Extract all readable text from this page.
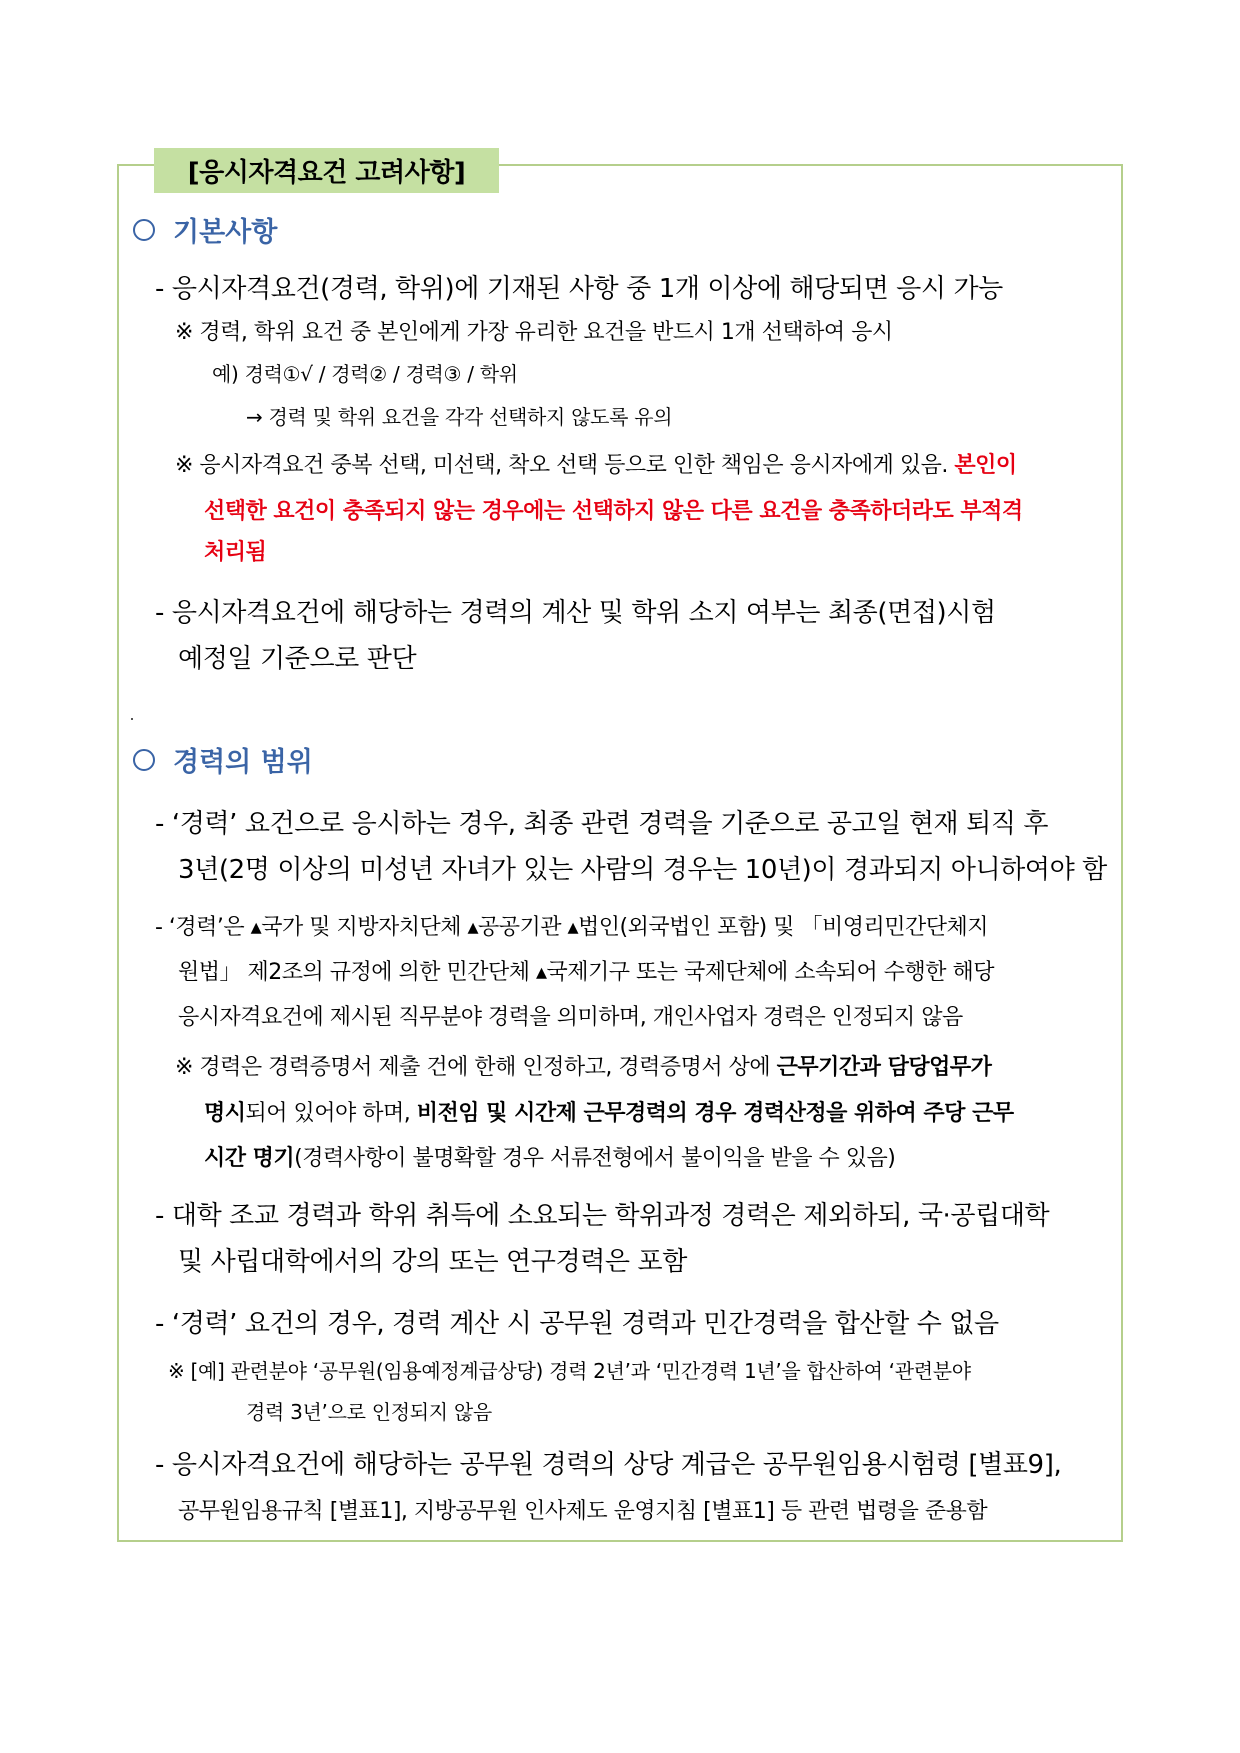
[응시자격요건 고려사항]
기본사항
- 응시자격요건(경력, 학위)에 기재된 사항 중 1개 이상에 해당되면 응시 가능
※ 경력, 학위 요건 중 본인에게 가장 유리한 요건을 반드시 1개 선택하여 응시
예) 경력①√ / 경력② / 경력③ / 학위
→ 경력 및 학위 요건을 각각 선택하지 않도록 유의
※ 응시자격요건 중복 선택, 미선택, 착오 선택 등으로 인한 책임은 응시자에게 있음. 본인이
선택한 요건이 충족되지 않는 경우에는 선택하지 않은 다른 요건을 충족하더라도 부적격
처리됨
- 응시자격요건에 해당하는 경력의 계산 및 학위 소지 여부는 최종(면접)시험
예정일 기준으로 판단
경력의 범위
- ‘경력’ 요건으로 응시하는 경우, 최종 관련 경력을 기준으로 공고일 현재 퇴직 후
3년(2명 이상의 미성년 자녀가 있는 사람의 경우는 10년)이 경과되지 아니하여야 함
- ‘경력’은 ▴국가 및 지방자치단체 ▴공공기관 ▴법인(외국법인 포함) 및 「비영리민간단체지
원법」 제2조의 규정에 의한 민간단체 ▴국제기구 또는 국제단체에 소속되어 수행한 해당
응시자격요건에 제시된 직무분야 경력을 의미하며, 개인사업자 경력은 인정되지 않음
※ 경력은 경력증명서 제출 건에 한해 인정하고, 경력증명서 상에 근무기간과 담당업무가
명시되어 있어야 하며, 비전임 및 시간제 근무경력의 경우 경력산정을 위하여 주당 근무
시간 명기(경력사항이 불명확할 경우 서류전형에서 불이익을 받을 수 있음)
- 대학 조교 경력과 학위 취득에 소요되는 학위과정 경력은 제외하되, 국·공립대학
및 사립대학에서의 강의 또는 연구경력은 포함
- ‘경력’ 요건의 경우, 경력 계산 시 공무원 경력과 민간경력을 합산할 수 없음
※ [예] 관련분야 ‘공무원(임용예정계급상당) 경력 2년’과 ‘민간경력 1년’을 합산하여 ‘관련분야
경력 3년’으로 인정되지 않음
- 응시자격요건에 해당하는 공무원 경력의 상당 계급은 공무원임용시험령 [별표9],
공무원임용규칙 [별표1], 지방공무원 인사제도 운영지침 [별표1] 등 관련 법령을 준용함
